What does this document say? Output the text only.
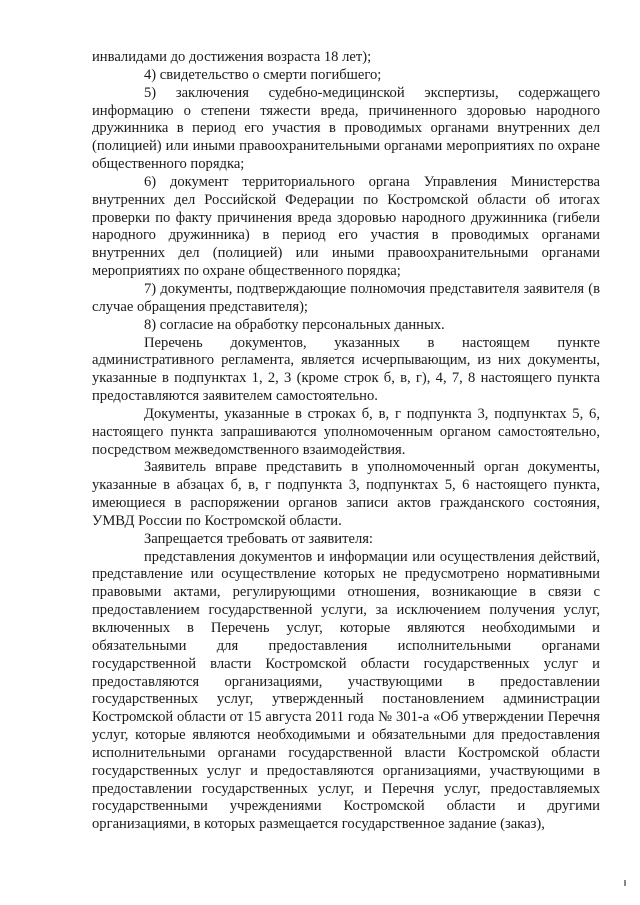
инвалидами до достижения возраста 18 лет);

4) свидетельство о смерти погибшего;

5) заключения судебно-медицинской экспертизы, содержащего информацию о степени тяжести вреда, причиненного здоровью народного дружинника в период его участия в проводимых органами внутренних дел (полицией) или иными правоохранительными органами мероприятиях по охране общественного порядка;

6) документ территориального органа Управления Министерства внутренних дел Российской Федерации по Костромской области об итогах проверки по факту причинения вреда здоровью народного дружинника (гибели народного дружинника) в период его участия в проводимых органами внутренних дел (полицией) или иными правоохранительными органами мероприятиях по охране общественного порядка;

7) документы, подтверждающие полномочия представителя заявителя (в случае обращения представителя);

8) согласие на обработку персональных данных.

Перечень документов, указанных в настоящем пункте административного регламента, является исчерпывающим, из них документы, указанные в подпунктах 1, 2, 3 (кроме строк б, в, г), 4, 7, 8 настоящего пункта предоставляются заявителем самостоятельно.

Документы, указанные в строках б, в, г подпункта 3, подпунктах 5, 6, настоящего пункта запрашиваются уполномоченным органом самостоятельно, посредством межведомственного взаимодействия.

Заявитель вправе представить в уполномоченный орган документы, указанные в абзацах б, в, г подпункта 3, подпунктах 5, 6 настоящего пункта, имеющиеся в распоряжении органов записи актов гражданского состояния, УМВД России по Костромской области.

Запрещается требовать от заявителя:

представления документов и информации или осуществления действий, представление или осуществление которых не предусмотрено нормативными правовыми актами, регулирующими отношения, возникающие в связи с предоставлением государственной услуги, за исключением получения услуг, включенных в Перечень услуг, которые являются необходимыми и обязательными для предоставления исполнительными органами государственной власти Костромской области государственных услуг и предоставляются организациями, участвующими в предоставлении государственных услуг, утвержденный постановлением администрации Костромской области от 15 августа 2011 года № 301-а «Об утверждении Перечня услуг, которые являются необходимыми и обязательными для предоставления исполнительными органами государственной власти Костромской области государственных услуг и предоставляются организациями, участвующими в предоставлении государственных услуг, и Перечня услуг, предоставляемых государственными учреждениями Костромской области и другими организациями, в которых размещается государственное задание (заказ),
